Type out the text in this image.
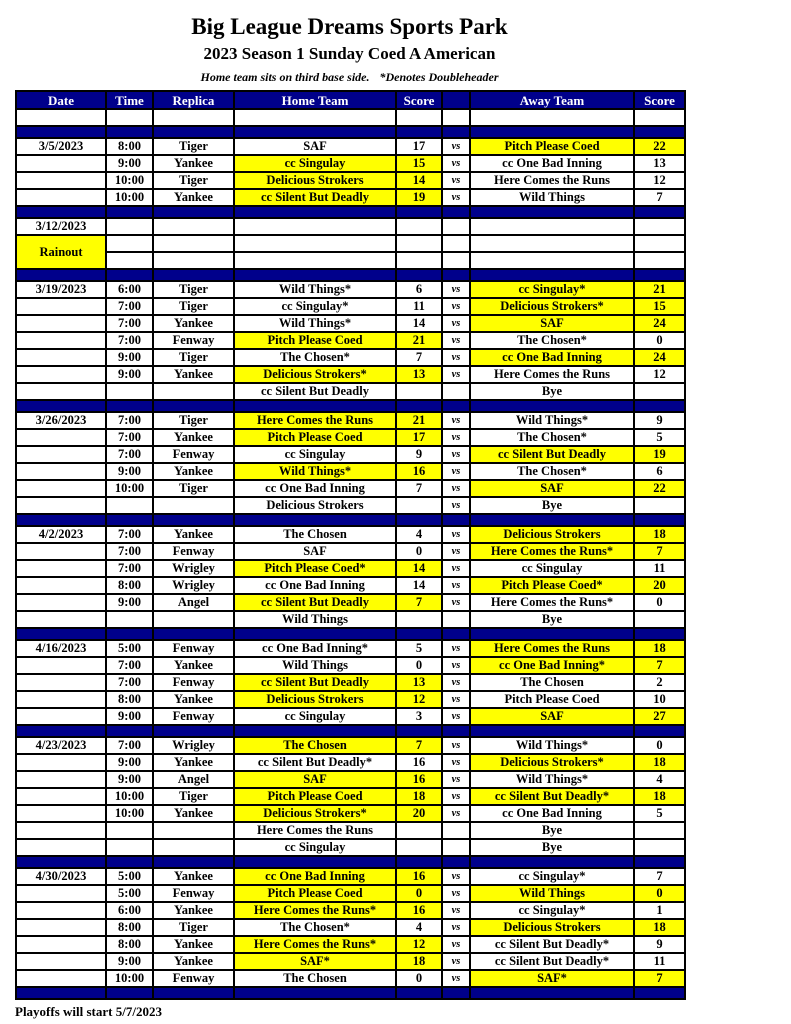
Big League Dreams Sports Park
2023 Season 1 Sunday Coed A American
Home team sits on third base side. *Denotes Doubleheader
Date	Time	Replica	Home Team	Score		Away Team	Score

3/5/2023	8:00	Tiger	SAF	17	vs	Pitch Please Coed	22
	9:00	Yankee	cc Singulay	15	vs	cc One Bad Inning	13
	10:00	Tiger	Delicious Strokers	14	vs	Here Comes the Runs	12
	10:00	Yankee	cc Silent But Deadly	19	vs	Wild Things	7

3/12/2023							
Rainout							

3/19/2023	6:00	Tiger	Wild Things*	6	vs	cc Singulay*	21
	7:00	Tiger	cc Singulay*	11	vs	Delicious Strokers*	15
	7:00	Yankee	Wild Things*	14	vs	SAF	24
	7:00	Fenway	Pitch Please Coed	21	vs	The Chosen*	0
	9:00	Tiger	The Chosen*	7	vs	cc One Bad Inning	24
	9:00	Yankee	Delicious Strokers*	13	vs	Here Comes the Runs	12
			cc Silent But Deadly			Bye	

3/26/2023	7:00	Tiger	Here Comes the Runs	21	vs	Wild Things*	9
	7:00	Yankee	Pitch Please Coed	17	vs	The Chosen*	5
	7:00	Fenway	cc Singulay	9	vs	cc Silent But Deadly	19
	9:00	Yankee	Wild Things*	16	vs	The Chosen*	6
	10:00	Tiger	cc One Bad Inning	7	vs	SAF	22
			Delicious Strokers		vs	Bye	

4/2/2023	7:00	Yankee	The Chosen	4	vs	Delicious Strokers	18
	7:00	Fenway	SAF	0	vs	Here Comes the Runs*	7
	7:00	Wrigley	Pitch Please Coed*	14	vs	cc Singulay	11
	8:00	Wrigley	cc One Bad Inning	14	vs	Pitch Please Coed*	20
	9:00	Angel	cc Silent But Deadly	7	vs	Here Comes the Runs*	0
			Wild Things			Bye	

4/16/2023	5:00	Fenway	cc One Bad Inning*	5	vs	Here Comes the Runs	18
	7:00	Yankee	Wild Things	0	vs	cc One Bad Inning*	7
	7:00	Fenway	cc Silent But Deadly	13	vs	The Chosen	2
	8:00	Yankee	Delicious Strokers	12	vs	Pitch Please Coed	10
	9:00	Fenway	cc Singulay	3	vs	SAF	27

4/23/2023	7:00	Wrigley	The Chosen	7	vs	Wild Things*	0
	9:00	Yankee	cc Silent But Deadly*	16	vs	Delicious Strokers*	18
	9:00	Angel	SAF	16	vs	Wild Things*	4
	10:00	Tiger	Pitch Please Coed	18	vs	cc Silent But Deadly*	18
	10:00	Yankee	Delicious Strokers*	20	vs	cc One Bad Inning	5
			Here Comes the Runs			Bye	
			cc Singulay			Bye	

4/30/2023	5:00	Yankee	cc One Bad Inning	16	vs	cc Singulay*	7
	5:00	Fenway	Pitch Please Coed	0	vs	Wild Things	0
	6:00	Yankee	Here Comes the Runs*	16	vs	cc Singulay*	1
	8:00	Tiger	The Chosen*	4	vs	Delicious Strokers	18
	8:00	Yankee	Here Comes the Runs*	12	vs	cc Silent But Deadly*	9
	9:00	Yankee	SAF*	18	vs	cc Silent But Deadly*	11
	10:00	Fenway	The Chosen	0	vs	SAF*	7

Playoffs will start 5/7/2023
